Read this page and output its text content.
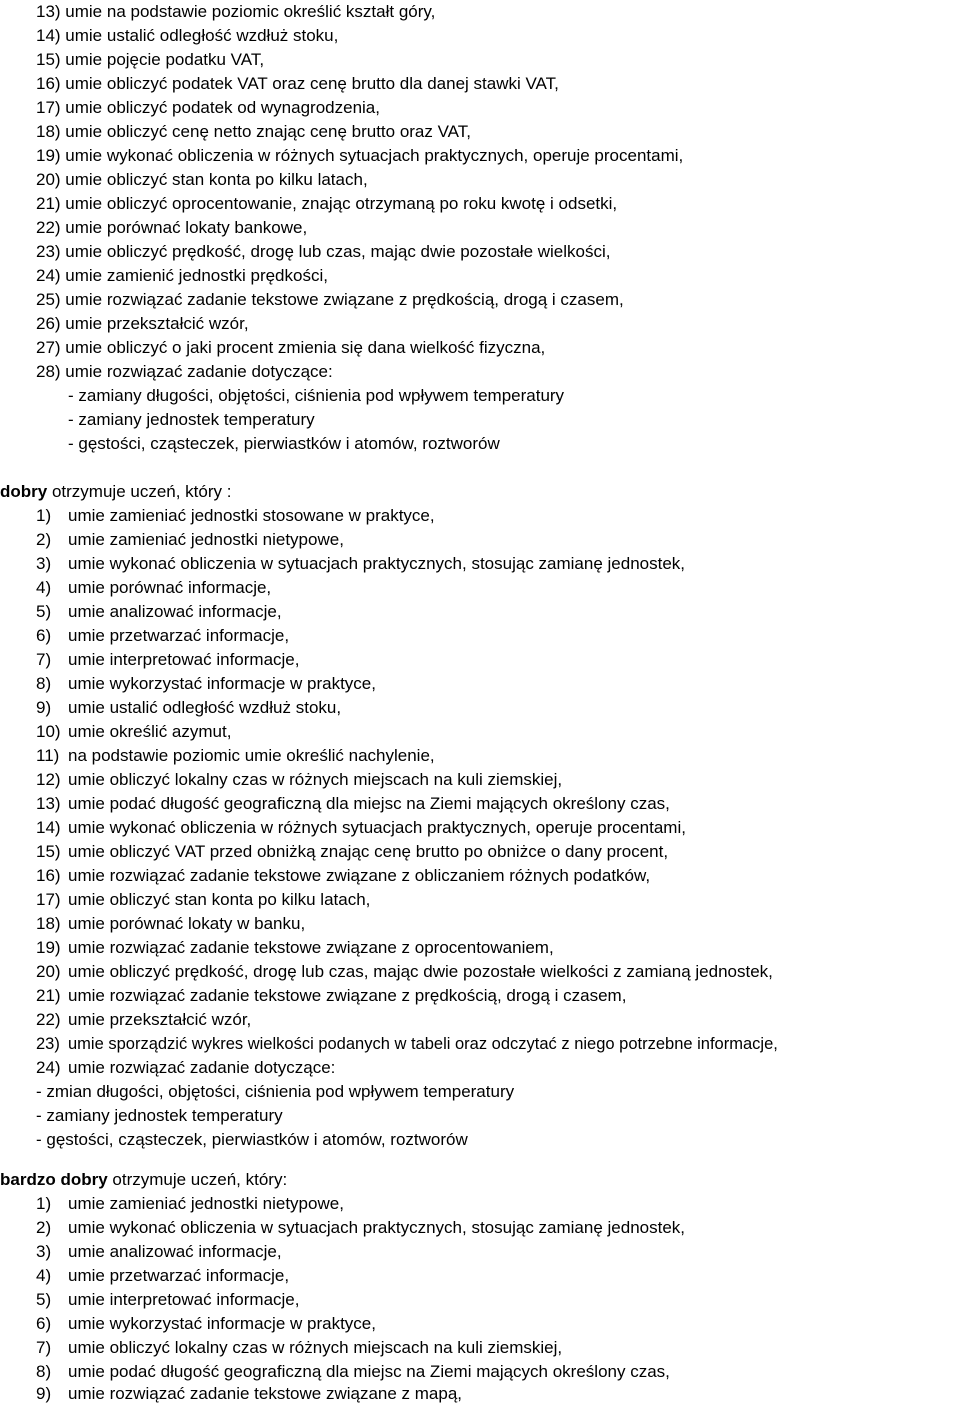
13) umie na podstawie poziomic określić kształt góry,
14) umie ustalić odległość wzdłuż stoku,
15) umie pojęcie podatku VAT,
16) umie obliczyć podatek VAT oraz cenę brutto dla danej stawki VAT,
17) umie obliczyć podatek od wynagrodzenia,
18) umie obliczyć cenę netto znając cenę brutto oraz VAT,
19) umie wykonać obliczenia w różnych sytuacjach praktycznych, operuje procentami,
20) umie obliczyć stan konta po kilku latach,
21) umie obliczyć oprocentowanie, znając otrzymaną po roku kwotę i odsetki,
22) umie porównać lokaty bankowe,
23) umie obliczyć prędkość, drogę lub czas, mając dwie pozostałe wielkości,
24) umie zamienić jednostki prędkości,
25) umie rozwiązać zadanie tekstowe związane z prędkością, drogą i czasem,
26) umie przekształcić wzór,
27) umie obliczyć o jaki procent zmienia się dana wielkość fizyczna,
28) umie rozwiązać zadanie dotyczące:
- zamiany długości, objętości, ciśnienia pod wpływem temperatury
- zamiany jednostek temperatury
- gęstości, cząsteczek, pierwiastków i atomów, roztworów
dobry otrzymuje uczeń, który :
1) umie zamieniać jednostki stosowane w praktyce,
2) umie zamieniać jednostki nietypowe,
3) umie wykonać obliczenia w sytuacjach praktycznych, stosując zamianę jednostek,
4) umie porównać informacje,
5) umie analizować informacje,
6) umie przetwarzać informacje,
7) umie interpretować informacje,
8) umie wykorzystać informacje w praktyce,
9) umie ustalić odległość wzdłuż stoku,
10) umie określić azymut,
11) na podstawie poziomic umie określić nachylenie,
12) umie obliczyć lokalny czas w różnych miejscach na kuli ziemskiej,
13) umie podać długość geograficzną dla miejsc na Ziemi mających określony czas,
14) umie wykonać obliczenia w różnych sytuacjach praktycznych, operuje procentami,
15) umie obliczyć VAT przed obniżką znając cenę brutto po obniżce o dany procent,
16) umie rozwiązać zadanie tekstowe związane z obliczaniem różnych podatków,
17) umie obliczyć stan konta po kilku latach,
18) umie porównać lokaty w banku,
19) umie rozwiązać zadanie tekstowe związane z oprocentowaniem,
20) umie obliczyć prędkość, drogę lub czas, mając dwie pozostałe wielkości z zamianą jednostek,
21) umie rozwiązać zadanie tekstowe związane z prędkością, drogą i czasem,
22) umie przekształcić wzór,
23) umie sporządzić wykres wielkości podanych w tabeli oraz odczytać z niego potrzebne informacje,
24) umie rozwiązać zadanie dotyczące:
- zmian długości, objętości, ciśnienia pod wpływem temperatury
- zamiany jednostek temperatury
- gęstości, cząsteczek, pierwiastków i atomów, roztworów
bardzo dobry otrzymuje uczeń, który:
1) umie zamieniać jednostki nietypowe,
2) umie wykonać obliczenia w sytuacjach praktycznych, stosując zamianę jednostek,
3) umie analizować informacje,
4) umie przetwarzać informacje,
5) umie interpretować informacje,
6) umie wykorzystać informacje w praktyce,
7) umie obliczyć lokalny czas w różnych miejscach na kuli ziemskiej,
8) umie podać długość geograficzną dla miejsc na Ziemi mających określony czas,
9) umie rozwiązać zadanie tekstowe związane z mapą,
